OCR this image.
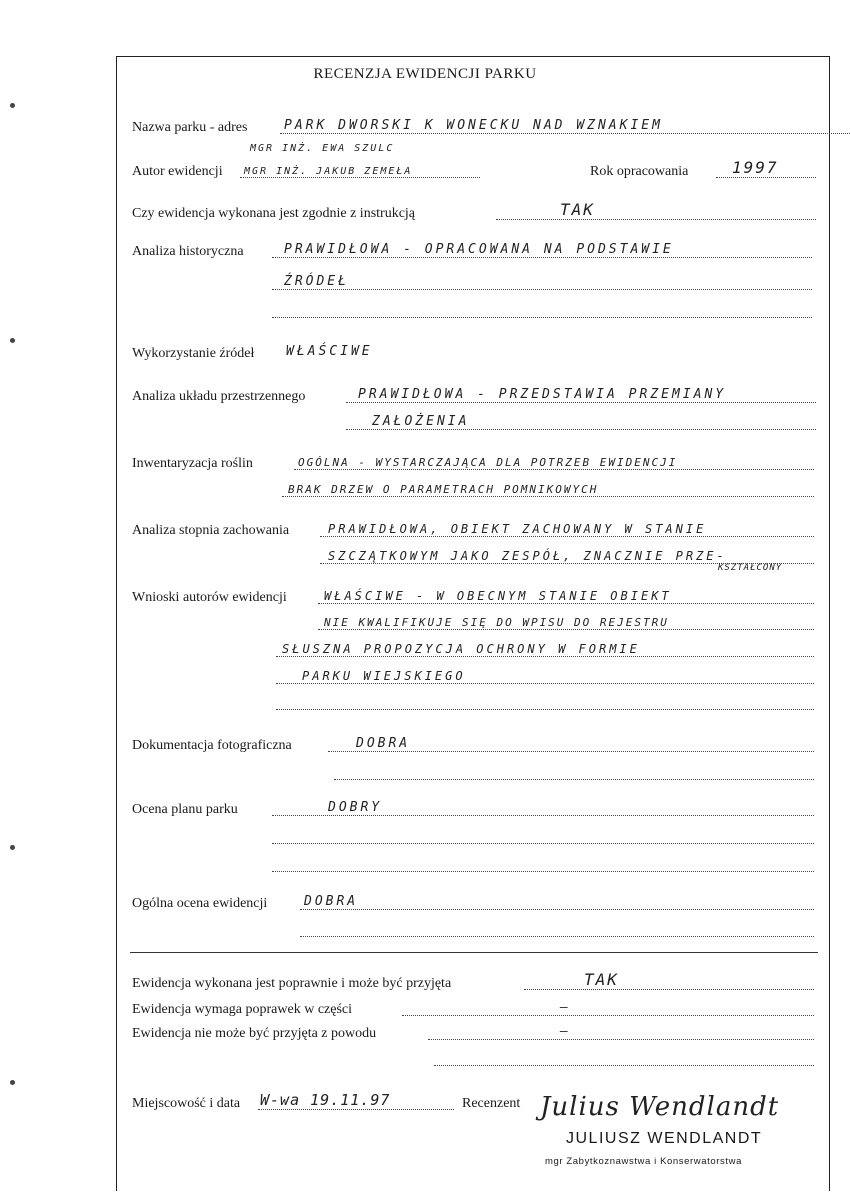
RECENZJA EWIDENCJI PARKU
Nazwa parku - adres	PARK DWORSKI K WONECKU NAD WZNAKIEM
MGR INŻ. EWA SZULC
Autor ewidencji MGR INŻ. JAKUB ZEMEŁA	Rok opracowania	1997
Czy ewidencja wykonana jest zgodnie z instrukcją	TAK
Analiza historyczna	PRAWIDŁOWA - OPRACOWANA NA PODSTAWIE
ŹRÓDEŁ
Wykorzystanie źródeł WŁAŚCIWE
Analiza układu przestrzennego	PRAWIDŁOWA - PRZEDSTAWIA PRZEMIANY
ZAŁOŻENIA
Inwentaryzacja roślin	OGÓLNA - WYSTARCZAJĄCA DLA POTRZEB EWIDENCJI
BRAK DRZEW O PARAMETRACH POMNIKOWYCH
Analiza stopnia zachowania	PRAWIDŁOWA, OBIEKT ZACHOWANY W STANIE
SZCZĄTKOWYM JAKO ZESPÓŁ, ZNACZNIE PRZE-
KSZTAŁCONY
Wnioski autorów ewidencji	WŁAŚCIWE - W OBECNYM STANIE OBIEKT
NIE KWALIFIKUJE SIĘ DO WPISU DO REJESTRU
SŁUSZNA PROPOZYCJA OCHRONY W FORMIE
PARKU WIEJSKIEGO
Dokumentacja fotograficzna	DOBRA
Ocena planu parku	DOBRY
Ogólna ocena ewidencji	DOBRA
Ewidencja wykonana jest poprawnie i może być przyjęta	TAK
Ewidencja wymaga poprawek w części	—
Ewidencja nie może być przyjęta z powodu	—
Miejscowość i data W-wa 19.11.97	Recenzent Julius Wendlandt
JULIUSZ WENDLANDT
mgr Zabytkoznawstwa i Konserwatorstwa
